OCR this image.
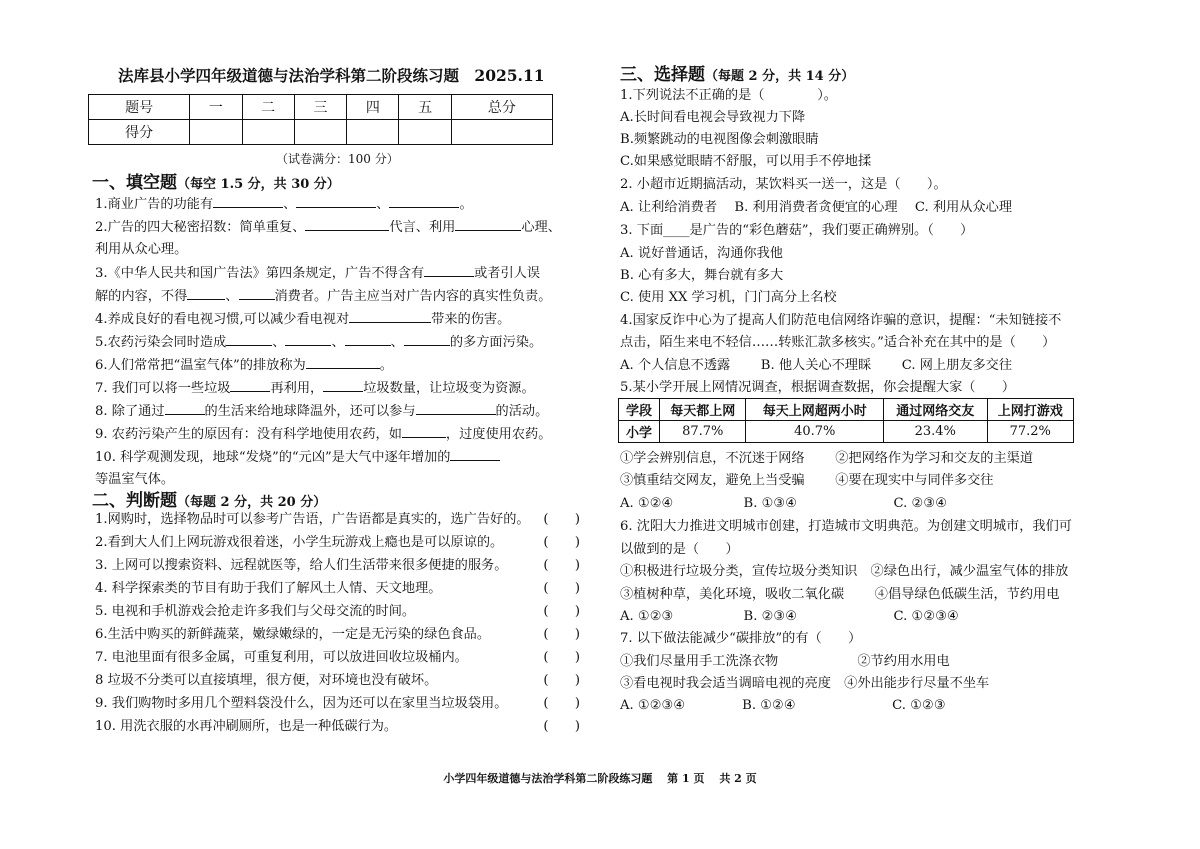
法库县小学四年级道德与法治学科第二阶段练习题 2025.11
题号	一	二	三	四	五	总分
得分						
（试卷满分：100 分）
一、填空题（每空 1.5 分，共 30 分）
1.商业广告的功能有	、	、	。
2.广告的四大秘密招数：简单重复、	代言、利用	心理、
利用从众心理。
3.《中华人民共和国广告法》第四条规定，广告不得含有	或者引人误
解的内容，不得	、	消费者。广告主应当对广告内容的真实性负责。
4.养成良好的看电视习惯,可以减少看电视对	带来的伤害。
5.农药污染会同时造成	、	、	、	的多方面污染。
6.人们常常把“温室气体”的排放称为	。
7. 我们可以将一些垃圾	再利用，	垃圾数量，让垃圾变为资源。
8. 除了通过	的生活来给地球降温外，还可以参与	的活动。
9. 农药污染产生的原因有：没有科学地使用农药，如	，过度使用农药。
10. 科学观测发现，地球“发烧”的“元凶”是大气中逐年增加的
等温室气体。
二、判断题（每题 2 分，共 20 分）
1.网购时，选择物品时可以参考广告语，广告语都是真实的，选广告好的。 (　　)
2.看到大人们上网玩游戏很着迷，小学生玩游戏上瘾也是可以原谅的。	(　　)
3. 上网可以搜索资料、远程就医等，给人们生活带来很多便捷的服务。	(　　)
4. 科学探索类的节目有助于我们了解风土人情、天文地理。	(　　)
5. 电视和手机游戏会抢走许多我们与父母交流的时间。	(　　)
6.生活中购买的新鲜蔬菜，嫩绿嫩绿的，一定是无污染的绿色食品。	(　　)
7. 电池里面有很多金属，可重复利用，可以放进回收垃圾桶内。	(　　)
8 垃圾不分类可以直接填埋，很方便，对环境也没有破坏。	(　　)
9. 我们购物时多用几个塑料袋没什么，因为还可以在家里当垃圾袋用。	(　　)
10. 用洗衣服的水再冲刷厕所，也是一种低碳行为。	(　　)
三、选择题（每题 2 分，共 14 分）
1.下列说法不正确的是（　　　　）。
A.长时间看电视会导致视力下降
B.频繁跳动的电视图像会刺激眼睛
C.如果感觉眼睛不舒服，可以用手不停地揉
2. 小超市近期搞活动，某饮料买一送一，这是（　　）。
A. 让利给消费者　 B. 利用消费者贪便宜的心理　 C. 利用从众心理
3. 下面____是广告的“彩色蘑菇”，我们要正确辨别。（　　）
A. 说好普通话，沟通你我他
B. 心有多大，舞台就有多大
C. 使用 XX 学习机，门门高分上名校
4.国家反诈中心为了提高人们防范电信网络诈骗的意识，提醒：“未知链接不
点击，陌生来电不轻信……转账汇款多核实。”适合补充在其中的是（　　）
A. 个人信息不透露　　 B. 他人关心不理睬　　 C. 网上朋友多交往
5.某小学开展上网情况调查，根据调查数据，你会提醒大家（　　）
学段	每天都上网	每天上网超两小时	通过网络交友	上网打游戏
小学	87.7%	40.7%	23.4%	77.2%
①学会辨别信息，不沉迷于网络　　 ②把网络作为学习和交友的主渠道
③慎重结交网友，避免上当受骗　　 ④要在现实中与同伴多交往
A. ①②④　　　　　 B. ①③④　　　　　　　 C. ②③④
6. 沈阳大力推进文明城市创建，打造城市文明典范。为创建文明城市，我们可
以做到的是（　　）
①积极进行垃圾分类，宣传垃圾分类知识　②绿色出行，减少温室气体的排放
③植树种草，美化环境，吸收二氧化碳　　 ④倡导绿色低碳生活，节约用电
A. ①②③　　　　　 B. ②③④　　　　　　　 C. ①②③④
7. 以下做法能减少“碳排放”的有（　　）
①我们尽量用手工洗涤衣物　　　　　　②节约用水用电
③看电视时我会适当调暗电视的亮度　④外出能步行尽量不坐车
A. ①②③④　　　　 B. ①②④　　　　　　　 C. ①②③
小学四年级道德与法治学科第二阶段练习题　 第 1 页　 共 2 页
